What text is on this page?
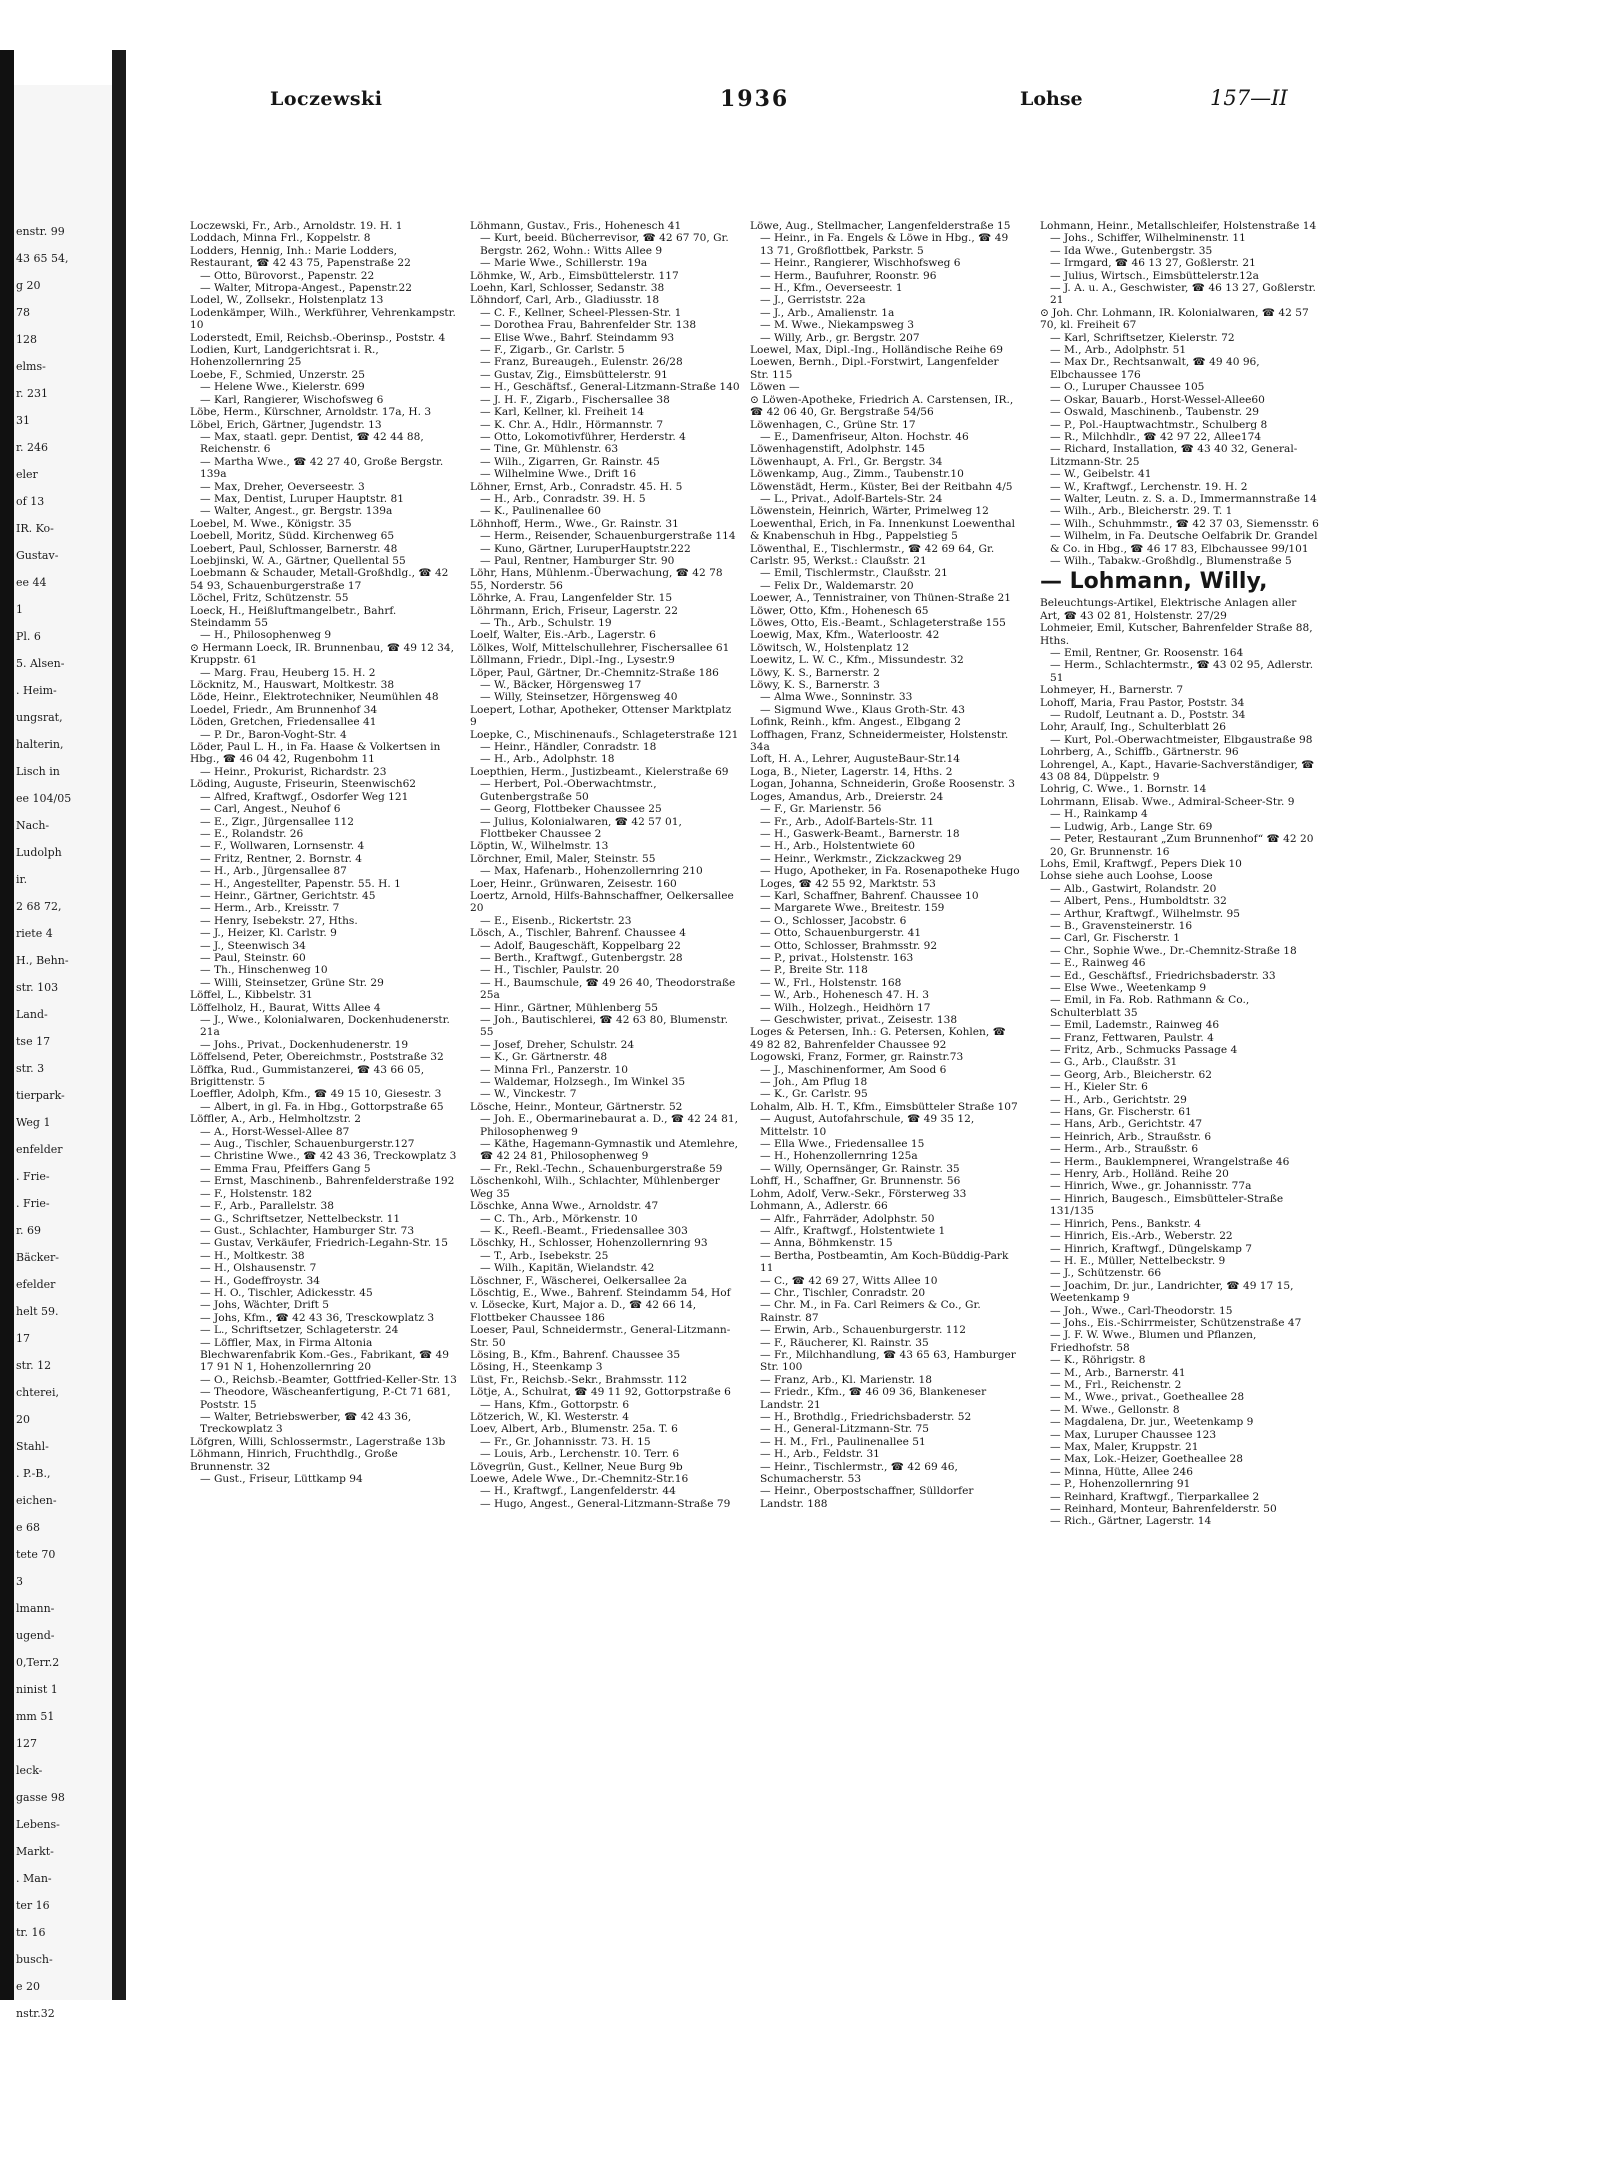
enstr. 99
43 65 54,
g 20
78
128
elms-
r. 231
31
r. 246
eler
of 13
IR. Ko-
Gustav-
ee 44
1
Pl. 6
5. Alsen-
. Heim-
ungsrat,
halterin,
Lisch in
ee 104/05
Nach-
Ludolph
ir.
2 68 72,
riete 4
H., Behn-
str. 103
Land-
tse 17
str. 3
tierpark-
Weg 1
enfelder
. Frie-
. Frie-
r. 69
Bäcker-
efelder
helt 59.
17
str. 12
chterei,
20
Stahl-
. P.-B.,
eichen-
e 68
tete 70
3
lmann-
ugend-
0,Terr.2
ninist 1
mm 51
127
leck-
gasse 98
Lebens-
Markt-
. Man-
ter 16
tr. 16
busch-
e 20
nstr.32
Loczewski	1936	Lohse	157—II
Loczewski, Fr., Arb., Arnoldstr. 19. H. 1
Loddach, Minna Frl., Koppelstr. 8
Lodders, Hennig, Inh.: Marie Lodders, Restaurant, ☎ 42 43 75, Papenstraße 22
— Otto, Bürovorst., Papenstr. 22
— Walter, Mitropa-Angest., Papenstr.22
Lodel, W., Zollsekr., Holstenplatz 13
Lodenkämper, Wilh., Werkführer, Vehrenkampstr. 10
Loderstedt, Emil, Reichsb.-Oberinsp., Poststr. 4
Lodien, Kurt, Landgerichtsrat i. R., Hohenzollernring 25
Loebe, F., Schmied, Unzerstr. 25
— Helene Wwe., Kielerstr. 699
— Karl, Rangierer, Wischofsweg 6
Löbe, Herm., Kürschner, Arnoldstr. 17a, H. 3
Löbel, Erich, Gärtner, Jugendstr. 13
— Max, staatl. gepr. Dentist, ☎ 42 44 88, Reichenstr. 6
— Martha Wwe., ☎ 42 27 40, Große Bergstr. 139a
— Max, Dreher, Oeverseestr. 3
— Max, Dentist, Luruper Hauptstr. 81
— Walter, Angest., gr. Bergstr. 139a
Loebel, M. Wwe., Königstr. 35
Loebell, Moritz, Südd. Kirchenweg 65
Loebert, Paul, Schlosser, Barnerstr. 48
Loebjinski, W. A., Gärtner, Quellental 55
Loebmann & Schauder, Metall-Großhdlg., ☎ 42 54 93, Schauenburgerstraße 17
Löchel, Fritz, Schützenstr. 55
Loeck, H., Heißluftmangelbetr., Bahrf. Steindamm 55
— H., Philosophenweg 9
⊙ Hermann Loeck, IR. Brunnenbau, ☎ 49 12 34, Kruppstr. 61
— Marg. Frau, Heuberg 15. H. 2
Löcknitz, M., Hauswart, Moltkestr. 38
Löde, Heinr., Elektrotechniker, Neumühlen 48
Loedel, Friedr., Am Brunnenhof 34
Löden, Gretchen, Friedensallee 41
— P. Dr., Baron-Voght-Str. 4
Löder, Paul L. H., in Fa. Haase & Volkertsen in Hbg., ☎ 46 04 42, Rugenbohm 11
— Heinr., Prokurist, Richardstr. 23
Löding, Auguste, Friseurin, Steenwisch62
— Alfred, Kraftwgf., Osdorfer Weg 121
— Carl, Angest., Neuhof 6
— E., Zigr., Jürgensallee 112
— E., Rolandstr. 26
— F., Wollwaren, Lornsenstr. 4
— Fritz, Rentner, 2. Bornstr. 4
— H., Arb., Jürgensallee 87
— H., Angestellter, Papenstr. 55. H. 1
— Heinr., Gärtner, Gerichtstr. 45
— Herm., Arb., Kreisstr. 7
— Henry, Isebekstr. 27, Hths.
— J., Heizer, Kl. Carlstr. 9
— J., Steenwisch 34
— Paul, Steinstr. 60
— Th., Hinschenweg 10
— Willi, Steinsetzer, Grüne Str. 29
Löffel, L., Kibbelstr. 31
Löffelholz, H., Baurat, Witts Allee 4
— J., Wwe., Kolonialwaren, Dockenhudenerstr. 21a
— Johs., Privat., Dockenhudenerstr. 19
Löffelsend, Peter, Obereichmstr., Poststraße 32
Löffka, Rud., Gummistanzerei, ☎ 43 66 05, Brigittenstr. 5
Loeffler, Adolph, Kfm., ☎ 49 15 10, Giesestr. 3
— Albert, in gl. Fa. in Hbg., Gottorpstraße 65
Löffler, A., Arb., Helmholtzstr. 2
— A., Horst-Wessel-Allee 87
— Aug., Tischler, Schauenburgerstr.127
— Christine Wwe., ☎ 42 43 36, Treckowplatz 3
— Emma Frau, Pfeiffers Gang 5
— Ernst, Maschinenb., Bahrenfelderstraße 192
— F., Holstenstr. 182
— F., Arb., Parallelstr. 38
— G., Schriftsetzer, Nettelbeckstr. 11
— Gust., Schlachter, Hamburger Str. 73
— Gustav, Verkäufer, Friedrich-Legahn-Str. 15
— H., Moltkestr. 38
— H., Olshausenstr. 7
— H., Godeffroystr. 34
— H. O., Tischler, Adickesstr. 45
— Johs, Wächter, Drift 5
— Johs, Kfm., ☎ 42 43 36, Tresckowplatz 3
— L., Schriftsetzer, Schlageterstr. 24
— Löffler, Max, in Firma Altonia Blechwarenfabrik Kom.-Ges., Fabrikant, ☎ 49 17 91 N 1, Hohenzollernring 20
— O., Reichsb.-Beamter, Gottfried-Keller-Str. 13
— Theodore, Wäscheanfertigung, P.-Ct 71 681, Poststr. 15
— Walter, Betriebswerber, ☎ 42 43 36, Treckowplatz 3
Löfgren, Willi, Schlossermstr., Lagerstraße 13b
Löhmann, Hinrich, Fruchthdlg., Große Brunnenstr. 32
— Gust., Friseur, Lüttkamp 94
Löhmann, Gustav., Fris., Hohenesch 41
— Kurt, beeid. Bücherrevisor, ☎ 42 67 70, Gr. Bergstr. 262, Wohn.: Witts Allee 9
— Marie Wwe., Schillerstr. 19a
Löhmke, W., Arb., Eimsbüttelerstr. 117
Loehn, Karl, Schlosser, Sedanstr. 38
Löhndorf, Carl, Arb., Gladiusstr. 18
— C. F., Kellner, Scheel-Plessen-Str. 1
— Dorothea Frau, Bahrenfelder Str. 138
— Elise Wwe., Bahrf. Steindamm 93
— F., Zigarb., Gr. Carlstr. 5
— Franz, Bureaugeh., Eulenstr. 26/28
— Gustav, Zig., Eimsbüttelerstr. 91
— H., Geschäftsf., General-Litzmann-Straße 140
— J. H. F., Zigarb., Fischersallee 38
— Karl, Kellner, kl. Freiheit 14
— K. Chr. A., Hdlr., Hörmannstr. 7
— Otto, Lokomotivführer, Herderstr. 4
— Tine, Gr. Mühlenstr. 63
— Wilh., Zigarren, Gr. Rainstr. 45
— Wilhelmine Wwe., Drift 16
Löhner, Ernst, Arb., Conradstr. 45. H. 5
— H., Arb., Conradstr. 39. H. 5
— K., Paulinenallee 60
Löhnhoff, Herm., Wwe., Gr. Rainstr. 31
— Herm., Reisender, Schauenburgerstraße 114
— Kuno, Gärtner, LuruperHauptstr.222
— Paul, Rentner, Hamburger Str. 90
Löhr, Hans, Mühlenm.-Überwachung, ☎ 42 78 55, Norderstr. 56
Löhrke, A. Frau, Langenfelder Str. 15
Löhrmann, Erich, Friseur, Lagerstr. 22
— Th., Arb., Schulstr. 19
Loelf, Walter, Eis.-Arb., Lagerstr. 6
Lölkes, Wolf, Mittelschullehrer, Fischersallee 61
Löllmann, Friedr., Dipl.-Ing., Lysestr.9
Löper, Paul, Gärtner, Dr.-Chemnitz-Straße 186
— W., Bäcker, Hörgensweg 17
— Willy, Steinsetzer, Hörgensweg 40
Loepert, Lothar, Apotheker, Ottenser Marktplatz 9
Loepke, C., Mischinenaufs., Schlageterstraße 121
— Heinr., Händler, Conradstr. 18
— H., Arb., Adolphstr. 18
Loepthien, Herm., Justizbeamt., Kielerstraße 69
— Herbert, Pol.-Oberwachtmstr., Gutenbergstraße 50
— Georg, Flottbeker Chaussee 25
— Julius, Kolonialwaren, ☎ 42 57 01, Flottbeker Chaussee 2
Löptin, W., Wilhelmstr. 13
Lörchner, Emil, Maler, Steinstr. 55
— Max, Hafenarb., Hohenzollernring 210
Loer, Heinr., Grünwaren, Zeisestr. 160
Loertz, Arnold, Hilfs-Bahnschaffner, Oelkersallee 20
— E., Eisenb., Rickertstr. 23
Lösch, A., Tischler, Bahrenf. Chaussee 4
— Adolf, Baugeschäft, Koppelbarg 22
— Berth., Kraftwgf., Gutenbergstr. 28
— H., Tischler, Paulstr. 20
— H., Baumschule, ☎ 49 26 40, Theodorstraße 25a
— Hinr., Gärtner, Mühlenberg 55
— Joh., Bautischlerei, ☎ 42 63 80, Blumenstr. 55
— Josef, Dreher, Schulstr. 24
— K., Gr. Gärtnerstr. 48
— Minna Frl., Panzerstr. 10
— Waldemar, Holzsegh., Im Winkel 35
— W., Vinckestr. 7
Lösche, Heinr., Monteur, Gärtnerstr. 52
— Joh. E., Obermarinebaurat a. D., ☎ 42 24 81, Philosophenweg 9
— Käthe, Hagemann-Gymnastik und Atemlehre, ☎ 42 24 81, Philosophenweg 9
— Fr., Rekl.-Techn., Schauenburgerstraße 59
Löschenkohl, Wilh., Schlachter, Mühlenberger Weg 35
Löschke, Anna Wwe., Arnoldstr. 47
— C. Th., Arb., Mörkenstr. 10
— K., Reefl.-Beamt., Friedensallee 303
Löschky, H., Schlosser, Hohenzollernring 93
— T., Arb., Isebekstr. 25
— Wilh., Kapitän, Wielandstr. 42
Löschner, F., Wäscherei, Oelkersallee 2a
Löschtig, E., Wwe., Bahrenf. Steindamm 54, Hof
v. Lösecke, Kurt, Major a. D., ☎ 42 66 14, Flottbeker Chaussee 186
Loeser, Paul, Schneidermstr., General-Litzmann-Str. 50
Lösing, B., Kfm., Bahrenf. Chaussee 35
Lösing, H., Steenkamp 3
Lüst, Fr., Reichsb.-Sekr., Brahmsstr. 112
Lötje, A., Schulrat, ☎ 49 11 92, Gottorpstraße 6
— Hans, Kfm., Gottorpstr. 6
Lötzerich, W., Kl. Westerstr. 4
Loev, Albert, Arb., Blumenstr. 25a. T. 6
— Fr., Gr. Johannisstr. 73. H. 15
— Louis, Arb., Lerchenstr. 10. Terr. 6
Lövegrün, Gust., Kellner, Neue Burg 9b
Loewe, Adele Wwe., Dr.-Chemnitz-Str.16
— H., Kraftwgf., Langenfelderstr. 44
— Hugo, Angest., General-Litzmann-Straße 79
Löwe, Aug., Stellmacher, Langenfelderstraße 15
— Heinr., in Fa. Engels & Löwe in Hbg., ☎ 49 13 71, Großflottbek, Parkstr. 5
— Heinr., Rangierer, Wischhofsweg 6
— Herm., Baufuhrer, Roonstr. 96
— H., Kfm., Oeverseestr. 1
— J., Gerriststr. 22a
— J., Arb., Amalienstr. 1a
— M. Wwe., Niekampsweg 3
— Willy, Arb., gr. Bergstr. 207
Loewel, Max, Dipl.-Ing., Holländische Reihe 69
Loewen, Bernh., Dipl.-Forstwirt, Langenfelder Str. 115
Löwen —
⊙ Löwen-Apotheke, Friedrich A. Carstensen, IR., ☎ 42 06 40, Gr. Bergstraße 54/56
Löwenhagen, C., Grüne Str. 17
— E., Damenfriseur, Alton. Hochstr. 46
Löwenhagenstift, Adolphstr. 145
Löwenhaupt, A. Frl., Gr. Bergstr. 34
Löwenkamp, Aug., Zimm., Taubenstr.10
Löwenstädt, Herm., Küster, Bei der Reitbahn 4/5
— L., Privat., Adolf-Bartels-Str. 24
Löwenstein, Heinrich, Wärter, Primelweg 12
Loewenthal, Erich, in Fa. Innenkunst Loewenthal & Knabenschuh in Hbg., Pappelstieg 5
Löwenthal, E., Tischlermstr., ☎ 42 69 64, Gr. Carlstr. 95, Werkst.: Claußstr. 21
— Emil, Tischlermstr., Claußstr. 21
— Felix Dr., Waldemarstr. 20
Loewer, A., Tennistrainer, von Thünen-Straße 21
Löwer, Otto, Kfm., Hohenesch 65
Löwes, Otto, Eis.-Beamt., Schlageterstraße 155
Loewig, Max, Kfm., Waterloostr. 42
Löwitsch, W., Holstenplatz 12
Loewitz, L. W. C., Kfm., Missundestr. 32
Löwy, K. S., Barnerstr. 2
Löwy, K. S., Barnerstr. 3
— Alma Wwe., Sonninstr. 33
— Sigmund Wwe., Klaus Groth-Str. 43
Lofink, Reinh., kfm. Angest., Elbgang 2
Loffhagen, Franz, Schneidermeister, Holstenstr. 34a
Loft, H. A., Lehrer, AugusteBaur-Str.14
Loga, B., Nieter, Lagerstr. 14, Hths. 2
Logan, Johanna, Schneiderin, Große Roosenstr. 3
Loges, Amandus, Arb., Dreierstr. 24
— F., Gr. Marienstr. 56
— Fr., Arb., Adolf-Bartels-Str. 11
— H., Gaswerk-Beamt., Barnerstr. 18
— H., Arb., Holstentwiete 60
— Heinr., Werkmstr., Zickzackweg 29
— Hugo, Apotheker, in Fa. Rosenapotheke Hugo Loges, ☎ 42 55 92, Marktstr. 53
— Karl, Schaffner, Bahrenf. Chaussee 10
— Margarete Wwe., Breitestr. 159
— O., Schlosser, Jacobstr. 6
— Otto, Schauenburgerstr. 41
— Otto, Schlosser, Brahmsstr. 92
— P., privat., Holstenstr. 163
— P., Breite Str. 118
— W., Frl., Holstenstr. 168
— W., Arb., Hohenesch 47. H. 3
— Wilh., Holzegh., Heidhörn 17
— Geschwister, privat., Zeisestr. 138
Loges & Petersen, Inh.: G. Petersen, Kohlen, ☎ 49 82 82, Bahrenfelder Chaussee 92
Logowski, Franz, Former, gr. Rainstr.73
— J., Maschinenformer, Am Sood 6
— Joh., Am Pflug 18
— K., Gr. Carlstr. 95
Lohalm, Alb. H. T., Kfm., Eimsbütteler Straße 107
— August, Autofahrschule, ☎ 49 35 12, Mittelstr. 10
— Ella Wwe., Friedensallee 15
— H., Hohenzollernring 125a
— Willy, Opernsänger, Gr. Rainstr. 35
Lohff, H., Schaffner, Gr. Brunnenstr. 56
Lohm, Adolf, Verw.-Sekr., Försterweg 33
Lohmann, A., Adlerstr. 66
— Alfr., Fahrräder, Adolphstr. 50
— Alfr., Kraftwgf., Holstentwiete 1
— Anna, Böhmkenstr. 15
— Bertha, Postbeamtin, Am Koch-Büddig-Park 11
— C., ☎ 42 69 27, Witts Allee 10
— Chr., Tischler, Conradstr. 20
— Chr. M., in Fa. Carl Reimers & Co., Gr. Rainstr. 87
— Erwin, Arb., Schauenburgerstr. 112
— F., Räucherer, Kl. Rainstr. 35
— Fr., Milchhandlung, ☎ 43 65 63, Hamburger Str. 100
— Franz, Arb., Kl. Marienstr. 18
— Friedr., Kfm., ☎ 46 09 36, Blankeneser Landstr. 21
— H., Brothdlg., Friedrichsbaderstr. 52
— H., General-Litzmann-Str. 75
— H. M., Frl., Paulinenallee 51
— H., Arb., Feldstr. 31
— Heinr., Tischlermstr., ☎ 42 69 46, Schumacherstr. 53
— Heinr., Oberpostschaffner, Sülldorfer Landstr. 188
Lohmann, Heinr., Metallschleifer, Holstenstraße 14
— Johs., Schiffer, Wilhelminenstr. 11
— Ida Wwe., Gutenbergstr. 35
— Irmgard, ☎ 46 13 27, Goßlerstr. 21
— Julius, Wirtsch., Eimsbüttelerstr.12a
— J. A. u. A., Geschwister, ☎ 46 13 27, Goßlerstr. 21
⊙ Joh. Chr. Lohmann, IR. Kolonialwaren, ☎ 42 57 70, kl. Freiheit 67
— Karl, Schriftsetzer, Kielerstr. 72
— M., Arb., Adolphstr. 51
— Max Dr., Rechtsanwalt, ☎ 49 40 96, Elbchaussee 176
— O., Luruper Chaussee 105
— Oskar, Bauarb., Horst-Wessel-Allee60
— Oswald, Maschinenb., Taubenstr. 29
— P., Pol.-Hauptwachtmstr., Schulberg 8
— R., Milchhdlr., ☎ 42 97 22, Allee174
— Richard, Installation, ☎ 43 40 32, General-Litzmann-Str. 25
— W., Geibelstr. 41
— W., Kraftwgf., Lerchenstr. 19. H. 2
— Walter, Leutn. z. S. a. D., Immermannstraße 14
— Wilh., Arb., Bleicherstr. 29. T. 1
— Wilh., Schuhmmstr., ☎ 42 37 03, Siemensstr. 6
— Wilhelm, in Fa. Deutsche Oelfabrik Dr. Grandel & Co. in Hbg., ☎ 46 17 83, Elbchaussee 99/101
— Wilh., Tabakw.-Großhdlg., Blumenstraße 5
— Lohmann, Willy,
Beleuchtungs-Artikel, Elektrische Anlagen aller Art, ☎ 43 02 81, Holstenstr. 27/29
Lohmeier, Emil, Kutscher, Bahrenfelder Straße 88, Hths.
— Emil, Rentner, Gr. Roosenstr. 164
— Herm., Schlachtermstr., ☎ 43 02 95, Adlerstr. 51
Lohmeyer, H., Barnerstr. 7
Lohoff, Maria, Frau Pastor, Poststr. 34
— Rudolf, Leutnant a. D., Poststr. 34
Lohr, Araulf, Ing., Schulterblatt 26
— Kurt, Pol.-Oberwachtmeister, Elbgaustraße 98
Lohrberg, A., Schiffb., Gärtnerstr. 96
Lohrengel, A., Kapt., Havarie-Sachverständiger, ☎ 43 08 84, Düppelstr. 9
Lohrig, C. Wwe., 1. Bornstr. 14
Lohrmann, Elisab. Wwe., Admiral-Scheer-Str. 9
— H., Rainkamp 4
— Ludwig, Arb., Lange Str. 69
— Peter, Restaurant „Zum Brunnenhof“ ☎ 42 20 20, Gr. Brunnenstr. 16
Lohs, Emil, Kraftwgf., Pepers Diek 10
Lohse siehe auch Loohse, Loose
— Alb., Gastwirt, Rolandstr. 20
— Albert, Pens., Humboldtstr. 32
— Arthur, Kraftwgf., Wilhelmstr. 95
— B., Gravensteinerstr. 16
— Carl, Gr. Fischerstr. 1
— Chr., Sophie Wwe., Dr.-Chemnitz-Straße 18
— E., Rainweg 46
— Ed., Geschäftsf., Friedrichsbaderstr. 33
— Else Wwe., Weetenkamp 9
— Emil, in Fa. Rob. Rathmann & Co., Schulterblatt 35
— Emil, Lademstr., Rainweg 46
— Franz, Fettwaren, Paulstr. 4
— Fritz, Arb., Schmucks Passage 4
— G., Arb., Claußstr. 31
— Georg, Arb., Bleicherstr. 62
— H., Kieler Str. 6
— H., Arb., Gerichtstr. 29
— Hans, Gr. Fischerstr. 61
— Hans, Arb., Gerichtstr. 47
— Heinrich, Arb., Straußstr. 6
— Herm., Arb., Straußstr. 6
— Herm., Bauklempnerei, Wrangelstraße 46
— Henry, Arb., Holländ. Reihe 20
— Hinrich, Wwe., gr. Johannisstr. 77a
— Hinrich, Baugesch., Eimsbütteler-Straße 131/135
— Hinrich, Pens., Bankstr. 4
— Hinrich, Eis.-Arb., Weberstr. 22
— Hinrich, Kraftwgf., Düngelskamp 7
— H. E., Müller, Nettelbeckstr. 9
— J., Schützenstr. 66
— Joachim, Dr. jur., Landrichter, ☎ 49 17 15, Weetenkamp 9
— Joh., Wwe., Carl-Theodorstr. 15
— Johs., Eis.-Schirrmeister, Schützenstraße 47
— J. F. W. Wwe., Blumen und Pflanzen, Friedhofstr. 58
— K., Röhrigstr. 8
— M., Arb., Barnerstr. 41
— M., Frl., Reichenstr. 2
— M., Wwe., privat., Goetheallee 28
— M. Wwe., Gellonstr. 8
— Magdalena, Dr. jur., Weetenkamp 9
— Max, Luruper Chaussee 123
— Max, Maler, Kruppstr. 21
— Max, Lok.-Heizer, Goetheallee 28
— Minna, Hütte, Allee 246
— P., Hohenzollernring 91
— Reinhard, Kraftwgf., Tierparkallee 2
— Reinhard, Monteur, Bahrenfelderstr. 50
— Rich., Gärtner, Lagerstr. 14
